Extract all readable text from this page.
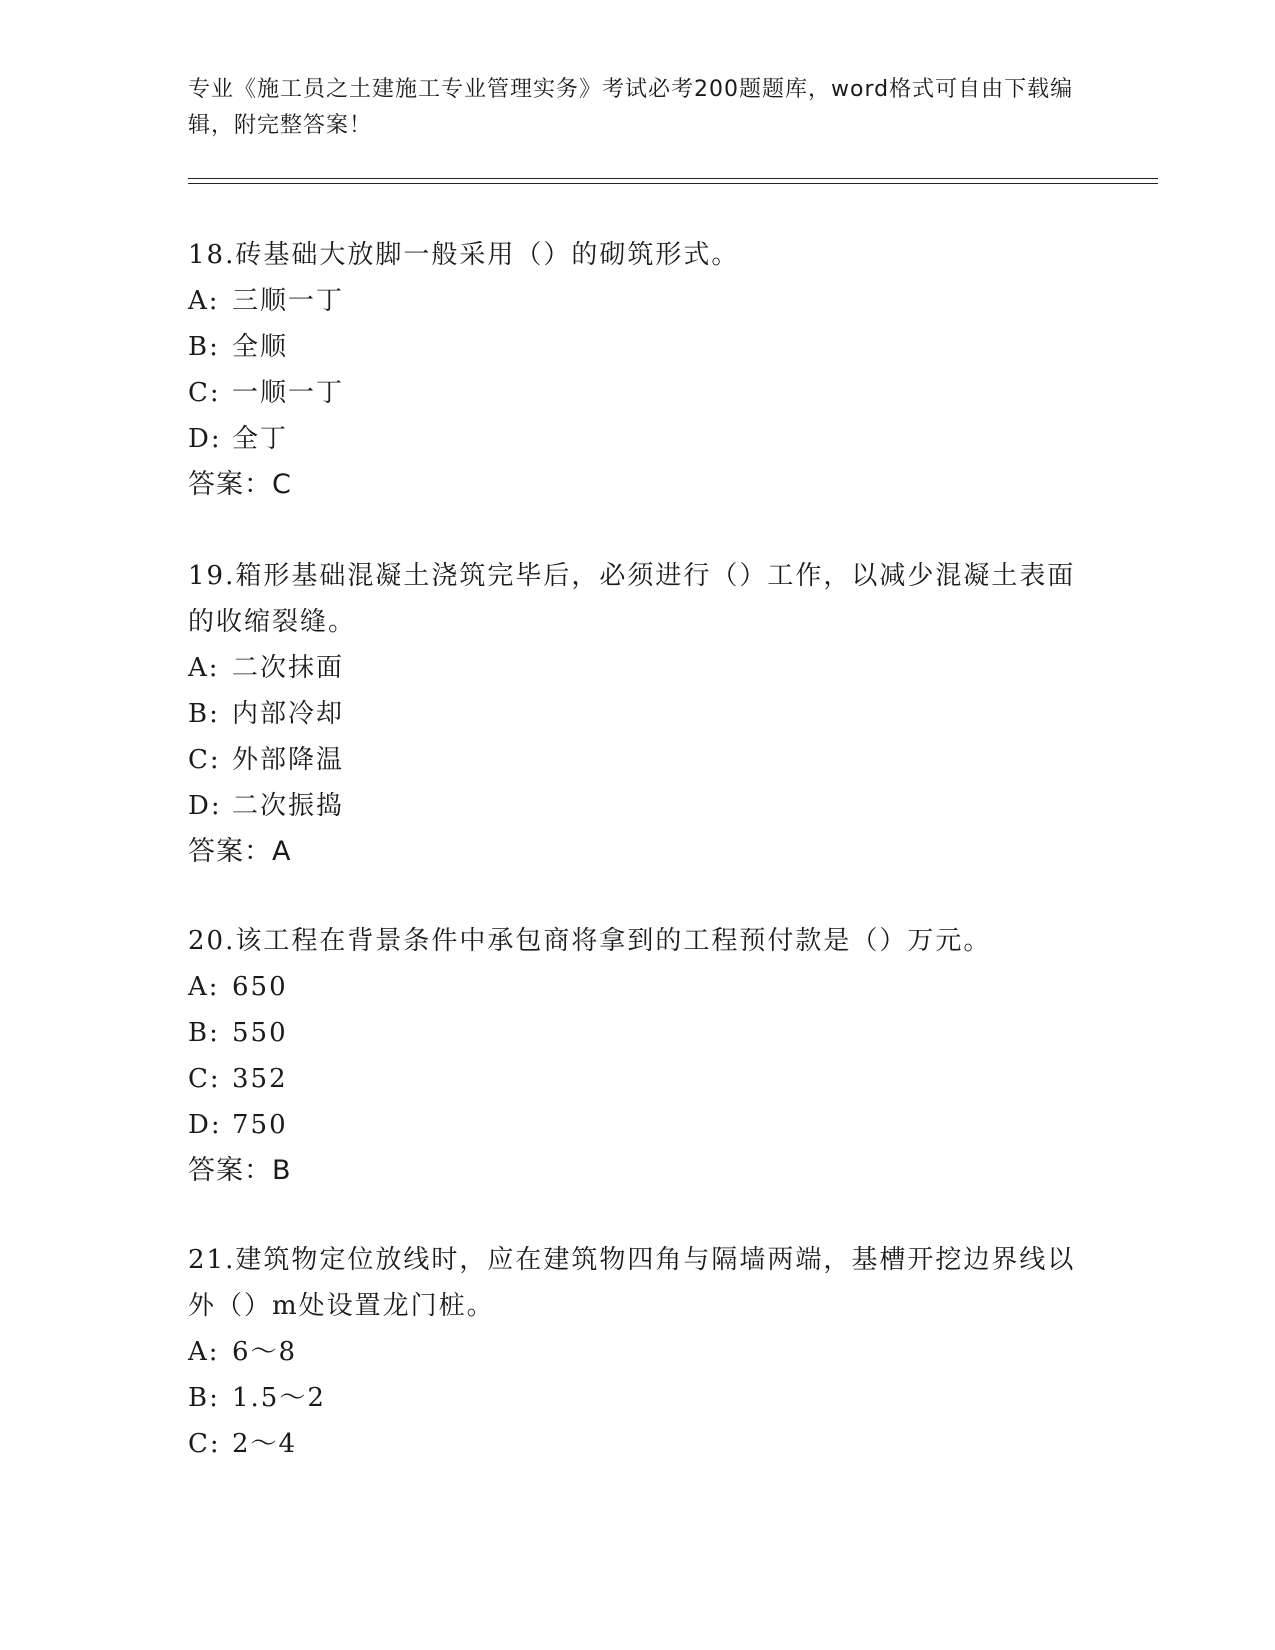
专业《施工员之土建施工专业管理实务》考试必考200题题库，word格式可自由下载编辑，附完整答案！
18.砖基础大放脚一般采用（）的砌筑形式。
A: 三顺一丁
B: 全顺
C: 一顺一丁
D: 全丁
答案：C
19.箱形基础混凝土浇筑完毕后，必须进行（）工作，以减少混凝土表面的收缩裂缝。
A: 二次抹面
B: 内部冷却
C: 外部降温
D: 二次振捣
答案：A
20.该工程在背景条件中承包商将拿到的工程预付款是（）万元。
A: 650
B: 550
C: 352
D: 750
答案：B
21.建筑物定位放线时，应在建筑物四角与隔墙两端，基槽开挖边界线以外（）m处设置龙门桩。
A: 6～8
B: 1.5～2
C: 2～4
